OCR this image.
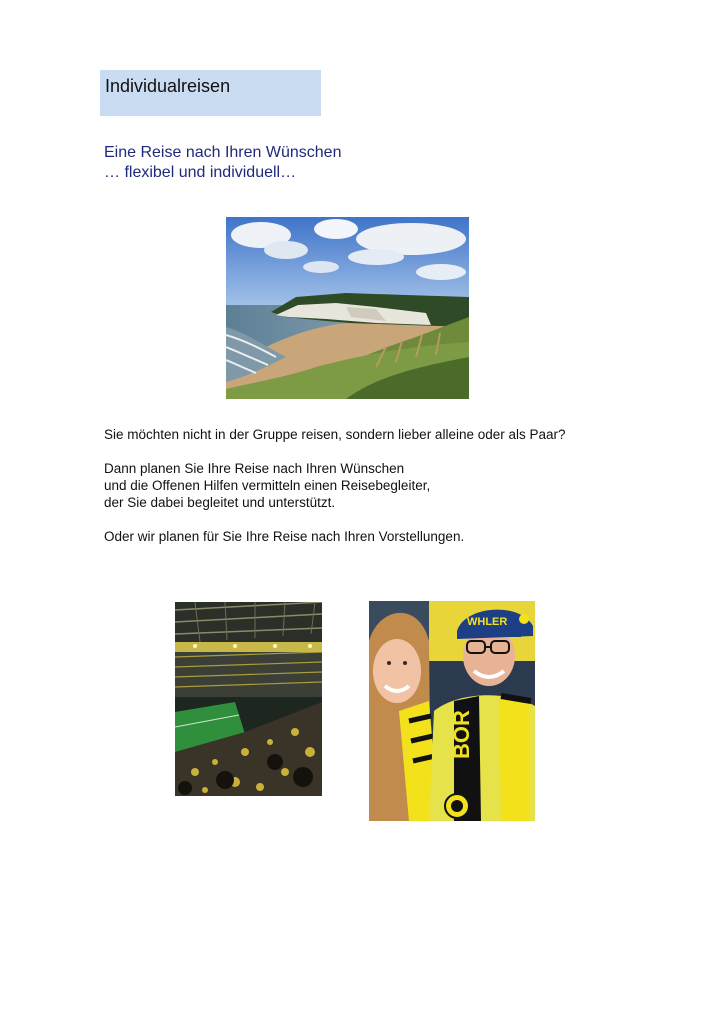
Individualreisen
Eine Reise nach Ihren Wünschen
… flexibel und individuell…

Sie möchten nicht in der Gruppe reisen, sondern lieber alleine oder als Paar?

Dann planen Sie Ihre Reise nach Ihren Wünschen

und die Offenen Hilfen vermitteln einen Reisebegleiter,

der Sie dabei begleitet und unterstützt.

Oder wir planen für Sie Ihre Reise nach Ihren Vorstellungen.

WHLER
BOR
